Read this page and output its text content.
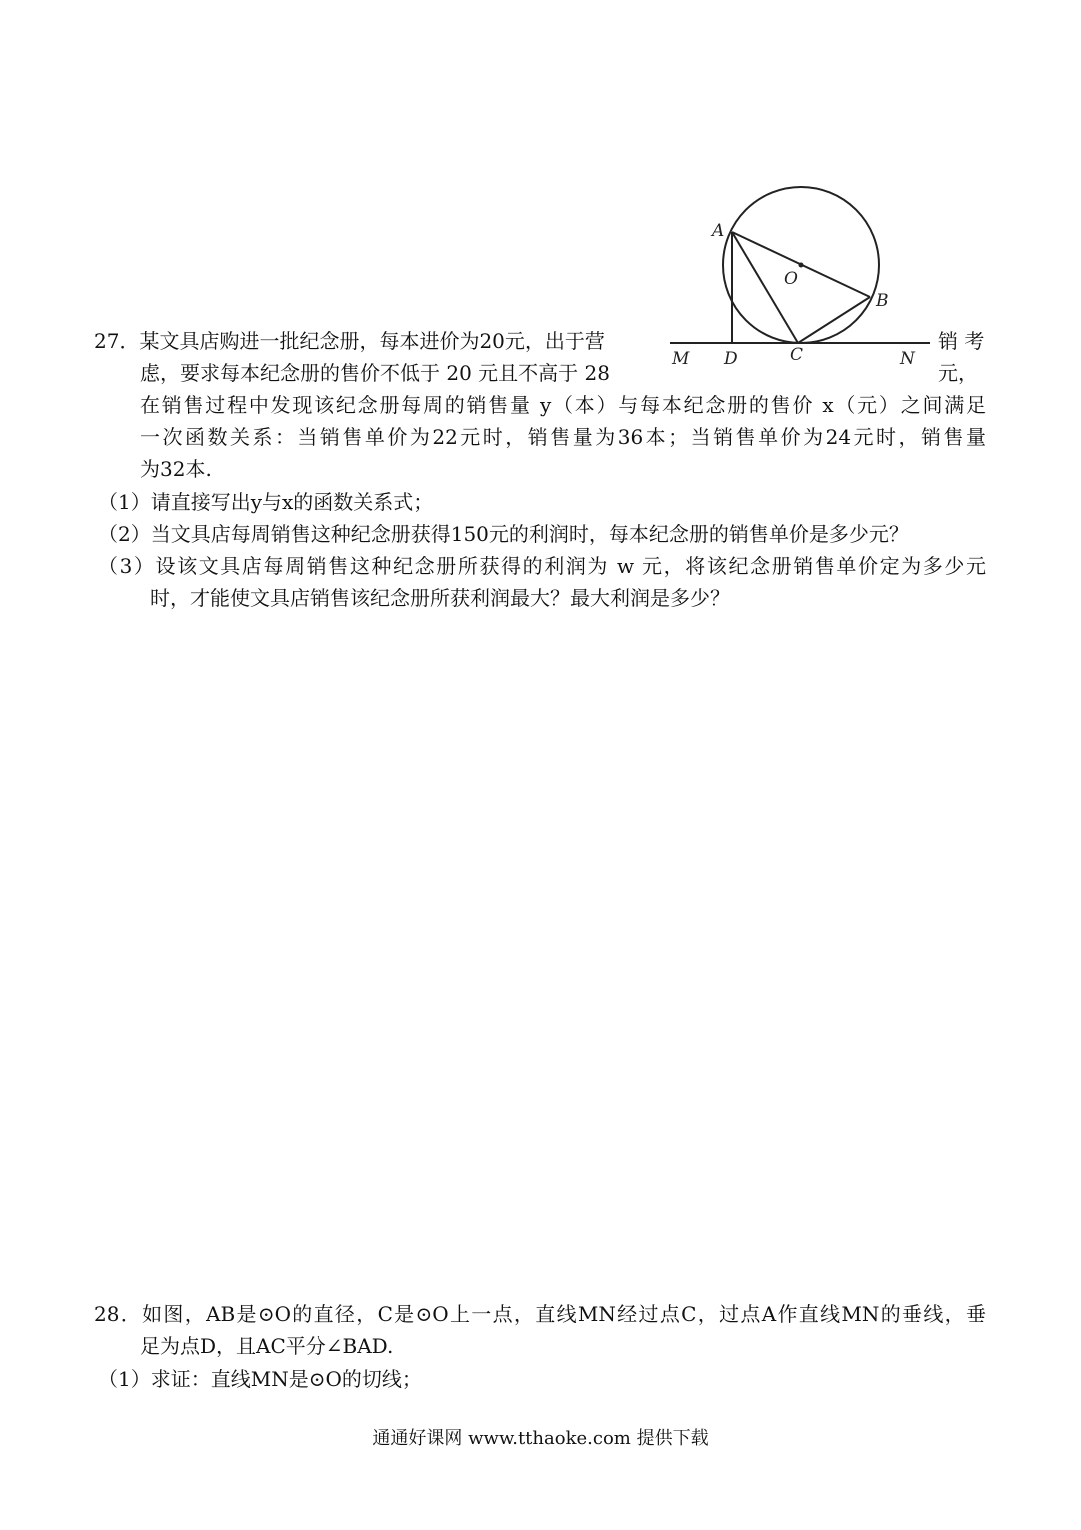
A
O
B
M D	C	N
27．某文具店购进一批纪念册，每本进价为20元，出于营	销 考
虑，要求每本纪念册的售价不低于 20 元且不高于 28	元，
在销售过程中发现该纪念册每周的销售量 y（本）与每本纪念册的售价 x（元）之间满足
一次函数关系：当销售单价为22元时，销售量为36本；当销售单价为24元时，销售量
为32本.
（1）请直接写出y与x的函数关系式；
（2）当文具店每周销售这种纪念册获得150元的利润时，每本纪念册的销售单价是多少元？
（3）设该文具店每周销售这种纪念册所获得的利润为 w 元，将该纪念册销售单价定为多少元
时，才能使文具店销售该纪念册所获利润最大？最大利润是多少？
28．如图，AB是⊙O的直径，C是⊙O上一点，直线MN经过点C，过点A作直线MN的垂线，垂
足为点D，且AC平分∠BAD.
（1）求证：直线MN是⊙O的切线；
通通好课网 www.tthaoke.com 提供下载
